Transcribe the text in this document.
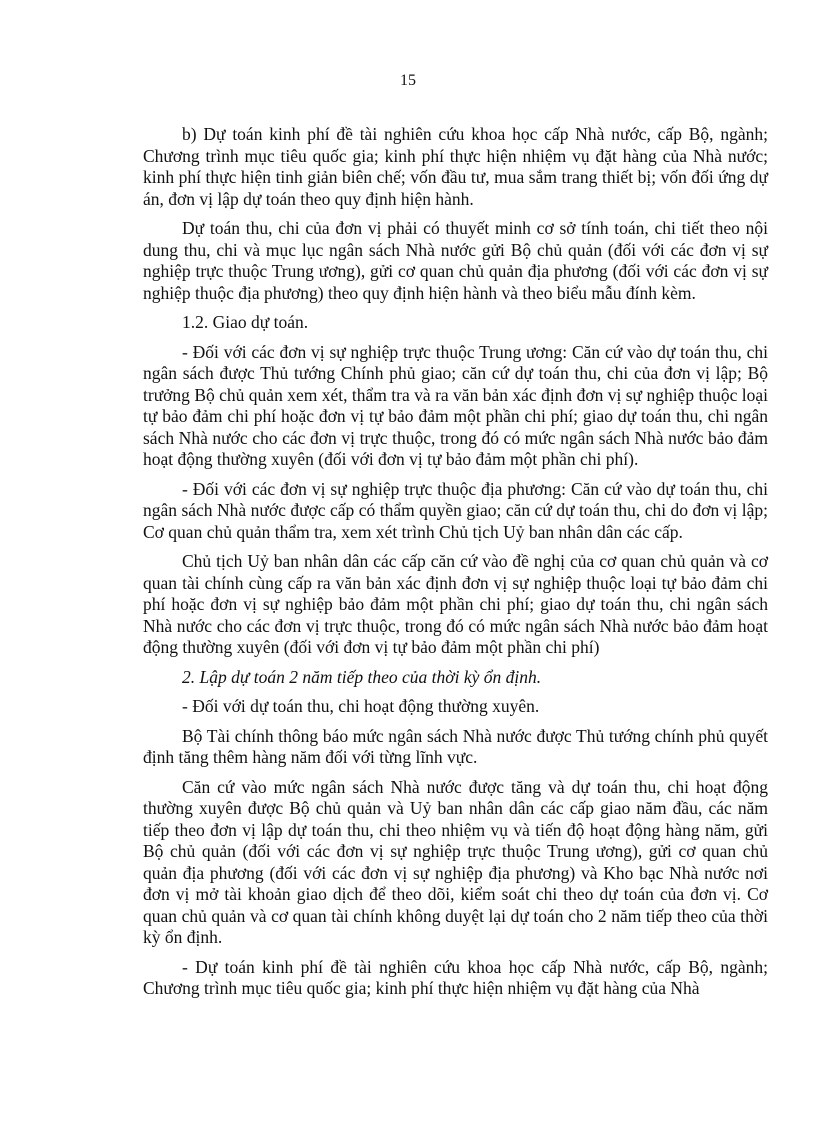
15

b) Dự toán kinh phí đề tài nghiên cứu khoa học cấp Nhà nước, cấp Bộ, ngành; Chương trình mục tiêu quốc gia; kinh phí thực hiện nhiệm vụ đặt hàng của Nhà nước; kinh phí thực hiện tinh giản biên chế; vốn đầu tư, mua sắm trang thiết bị; vốn đối ứng dự án, đơn vị lập dự toán theo quy định hiện hành.

Dự toán thu, chi của đơn vị phải có thuyết minh cơ sở tính toán, chi tiết theo nội dung thu, chi và mục lục ngân sách Nhà nước gửi Bộ chủ quản (đối với các đơn vị sự nghiệp trực thuộc Trung ương), gửi cơ quan chủ quản địa phương (đối với các đơn vị sự nghiệp thuộc địa phương) theo quy định hiện hành và theo biểu mẫu đính kèm.

1.2. Giao dự toán.

- Đối với các đơn vị sự nghiệp trực thuộc Trung ương: Căn cứ vào dự toán thu, chi ngân sách được Thủ tướng Chính phủ giao; căn cứ dự toán thu, chi của đơn vị lập; Bộ trưởng Bộ chủ quản xem xét, thẩm tra và ra văn bản xác định đơn vị sự nghiệp thuộc loại tự bảo đảm chi phí hoặc đơn vị tự bảo đảm một phần chi phí; giao dự toán thu, chi ngân sách Nhà nước cho các đơn vị trực thuộc, trong đó có mức ngân sách Nhà nước bảo đảm hoạt động thường xuyên (đối với đơn vị tự bảo đảm một phần chi phí).

- Đối với các đơn vị sự nghiệp trực thuộc địa phương: Căn cứ vào dự toán thu, chi ngân sách Nhà nước được cấp có thẩm quyền giao; căn cứ dự toán thu, chi do đơn vị lập; Cơ quan chủ quản thẩm tra, xem xét trình Chủ tịch Uỷ ban nhân dân các cấp.

Chủ tịch Uỷ ban nhân dân các cấp căn cứ vào đề nghị của cơ quan chủ quản và cơ quan tài chính cùng cấp ra văn bản xác định đơn vị sự nghiệp thuộc loại tự bảo đảm chi phí hoặc đơn vị sự nghiệp bảo đảm một phần chi phí; giao dự toán thu, chi ngân sách Nhà nước cho các đơn vị trực thuộc, trong đó có mức ngân sách Nhà nước bảo đảm hoạt động thường xuyên (đối với đơn vị tự bảo đảm một phần chi phí)

2. Lập dự toán 2 năm tiếp theo của thời kỳ ổn định.

- Đối với dự toán thu, chi hoạt động thường xuyên.

Bộ Tài chính thông báo mức ngân sách Nhà nước được Thủ tướng chính phủ quyết định tăng thêm hàng năm đối với từng lĩnh vực.

Căn cứ vào mức ngân sách Nhà nước được tăng và dự toán thu, chi hoạt động thường xuyên được Bộ chủ quản và Uỷ ban nhân dân các cấp giao năm đầu, các năm tiếp theo đơn vị lập dự toán thu, chi theo nhiệm vụ và tiến độ hoạt động hàng năm, gửi Bộ chủ quản (đối với các đơn vị sự nghiệp trực thuộc Trung ương), gửi cơ quan chủ quản địa phương (đối với các đơn vị sự nghiệp địa phương) và Kho bạc Nhà nước nơi đơn vị mở tài khoản giao dịch để theo dõi, kiểm soát chi theo dự toán của đơn vị. Cơ quan chủ quản và cơ quan tài chính không duyệt lại dự toán cho 2 năm tiếp theo của thời kỳ ổn định.

- Dự toán kinh phí đề tài nghiên cứu khoa học cấp Nhà nước, cấp Bộ, ngành; Chương trình mục tiêu quốc gia; kinh phí thực hiện nhiệm vụ đặt hàng của Nhà
